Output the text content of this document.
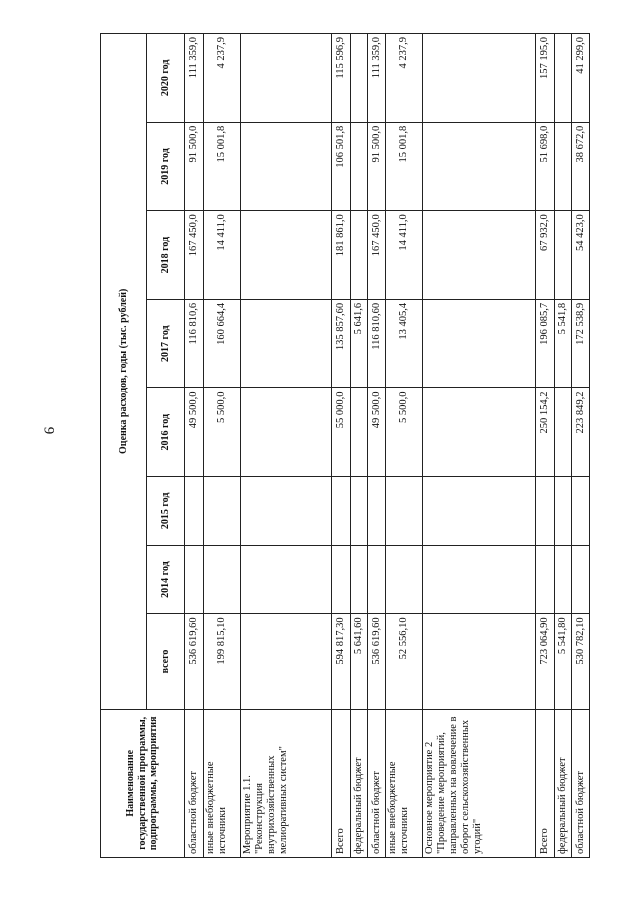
9
Наименование государственной программы, подпрограммы, мероприятия	Оценка расходов, годы (тыс. рублей)							
	всего	2014 год	2015 год	2016 год	2017 год	2018 год	2019 год	2020 год
областной бюджет	536 619,60			49 500,0	116 810,6	167 450,0	91 500,0	111 359,0
иные внебюджетные источники	199 815,10			5 500,0	160 664,4	14 411,0	15 001,8	4 237,9
Мероприятие 1.1. "Реконструкция внутрихозяйственных мелиоративных систем"								
Всего	594 817,30			55 000,0	135 857,60	181 861,0	106 501,8	115 596,9
федеральный бюджет	5 641,60				5 641,6			
областной бюджет	536 619,60			49 500,0	116 810,60	167 450,0	91 500,0	111 359,0
иные внебюджетные источники	52 556,10			5 500,0	13 405,4	14 411,0	15 001,8	4 237,9
Основное мероприятие 2 "Проведение мероприятий, направленных на вовлечение в оборот сельскохозяйственных угодий"								
Всего	723 064,90			250 154,2	196 085,7	67 932,0	51 698,0	157 195,0
федеральный бюджет	5 541,80				5 541,8			
областной бюджет	530 782,10			223 849,2	172 538,9	54 423,0	38 672,0	41 299,0
